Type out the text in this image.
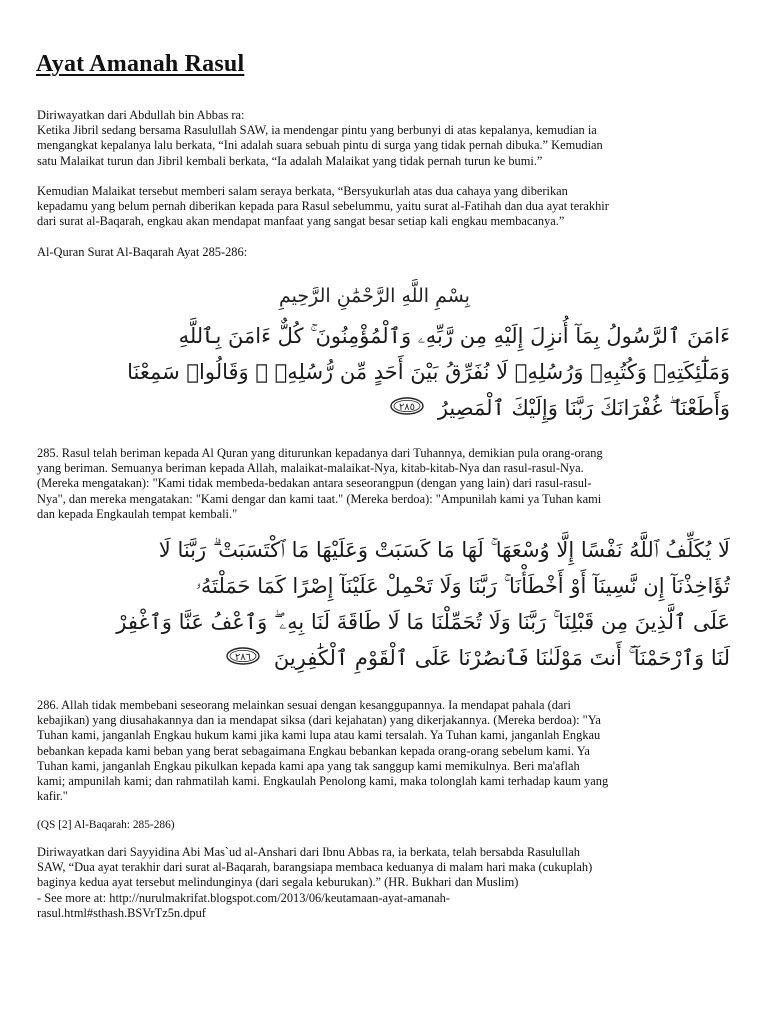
Ayat Amanah Rasul
Diriwayatkan dari Abdullah bin Abbas ra:
Ketika Jibril sedang bersama Rasulullah SAW, ia mendengar pintu yang berbunyi di atas kepalanya, kemudian ia
mengangkat kepalanya lalu berkata, “Ini adalah suara sebuah pintu di surga yang tidak pernah dibuka.” Kemudian
satu Malaikat turun dan Jibril kembali berkata, “Ia adalah Malaikat yang tidak pernah turun ke bumi.”
Kemudian Malaikat tersebut memberi salam seraya berkata, “Bersyukurlah atas dua cahaya yang diberikan
kepadamu yang belum pernah diberikan kepada para Rasul sebelummu, yaitu surat al-Fatihah dan dua ayat terakhir
dari surat al-Baqarah, engkau akan mendapat manfaat yang sangat besar setiap kali engkau membacanya.”
Al-Quran Surat Al-Baqarah Ayat 285-286:
بِسْمِ اللَّهِ الرَّحْمَٰنِ الرَّحِيمِ
ءَامَنَ ٱلرَّسُولُ بِمَآ أُنزِلَ إِلَيْهِ مِن رَّبِّهِۦ وَٱلْمُؤْمِنُونَ ۚ كُلٌّ ءَامَنَ بِٱللَّهِ
وَمَلَٰٓئِكَتِهِۦ وَكُتُبِهِۦ وَرُسُلِهِۦ لَا نُفَرِّقُ بَيْنَ أَحَدٍ مِّن رُّسُلِهِۦ ۚ وَقَالُوا۟ سَمِعْنَا
وَأَطَعْنَا ۖ غُفْرَانَكَ رَبَّنَا وَإِلَيْكَ ٱلْمَصِيرُ
٢٨٥
285. Rasul telah beriman kepada Al Quran yang diturunkan kepadanya dari Tuhannya, demikian pula orang-orang
yang beriman. Semuanya beriman kepada Allah, malaikat-malaikat-Nya, kitab-kitab-Nya dan rasul-rasul-Nya.
(Mereka mengatakan): "Kami tidak membeda-bedakan antara seseorangpun (dengan yang lain) dari rasul-rasul-
Nya", dan mereka mengatakan: "Kami dengar dan kami taat." (Mereka berdoa): "Ampunilah kami ya Tuhan kami
dan kepada Engkaulah tempat kembali."
لَا يُكَلِّفُ ٱللَّهُ نَفْسًا إِلَّا وُسْعَهَا ۚ لَهَا مَا كَسَبَتْ وَعَلَيْهَا مَا ٱكْتَسَبَتْ ۗ رَبَّنَا لَا
تُؤَاخِذْنَآ إِن نَّسِينَآ أَوْ أَخْطَأْنَا ۚ رَبَّنَا وَلَا تَحْمِلْ عَلَيْنَآ إِصْرًا كَمَا حَمَلْتَهُۥ
عَلَى ٱلَّذِينَ مِن قَبْلِنَا ۚ رَبَّنَا وَلَا تُحَمِّلْنَا مَا لَا طَاقَةَ لَنَا بِهِۦ ۖ وَٱعْفُ عَنَّا وَٱغْفِرْ
لَنَا وَٱرْحَمْنَآ ۚ أَنتَ مَوْلَىٰنَا فَٱنصُرْنَا عَلَى ٱلْقَوْمِ ٱلْكَٰفِرِينَ
٢٨٦
286. Allah tidak membebani seseorang melainkan sesuai dengan kesanggupannya. Ia mendapat pahala (dari
kebajikan) yang diusahakannya dan ia mendapat siksa (dari kejahatan) yang dikerjakannya. (Mereka berdoa): "Ya
Tuhan kami, janganlah Engkau hukum kami jika kami lupa atau kami tersalah. Ya Tuhan kami, janganlah Engkau
bebankan kepada kami beban yang berat sebagaimana Engkau bebankan kepada orang-orang sebelum kami. Ya
Tuhan kami, janganlah Engkau pikulkan kepada kami apa yang tak sanggup kami memikulnya. Beri ma'aflah
kami; ampunilah kami; dan rahmatilah kami. Engkaulah Penolong kami, maka tolonglah kami terhadap kaum yang
kafir."
(QS [2] Al-Baqarah: 285-286)
Diriwayatkan dari Sayyidina Abi Mas`ud al-Anshari dari Ibnu Abbas ra, ia berkata, telah bersabda Rasulullah
SAW, “Dua ayat terakhir dari surat al-Baqarah, barangsiapa membaca keduanya di malam hari maka (cukuplah)
baginya kedua ayat tersebut melindunginya (dari segala keburukan).” (HR. Bukhari dan Muslim)
- See more at: http://nurulmakrifat.blogspot.com/2013/06/keutamaan-ayat-amanah-
rasul.html#sthash.BSVrTz5n.dpuf
